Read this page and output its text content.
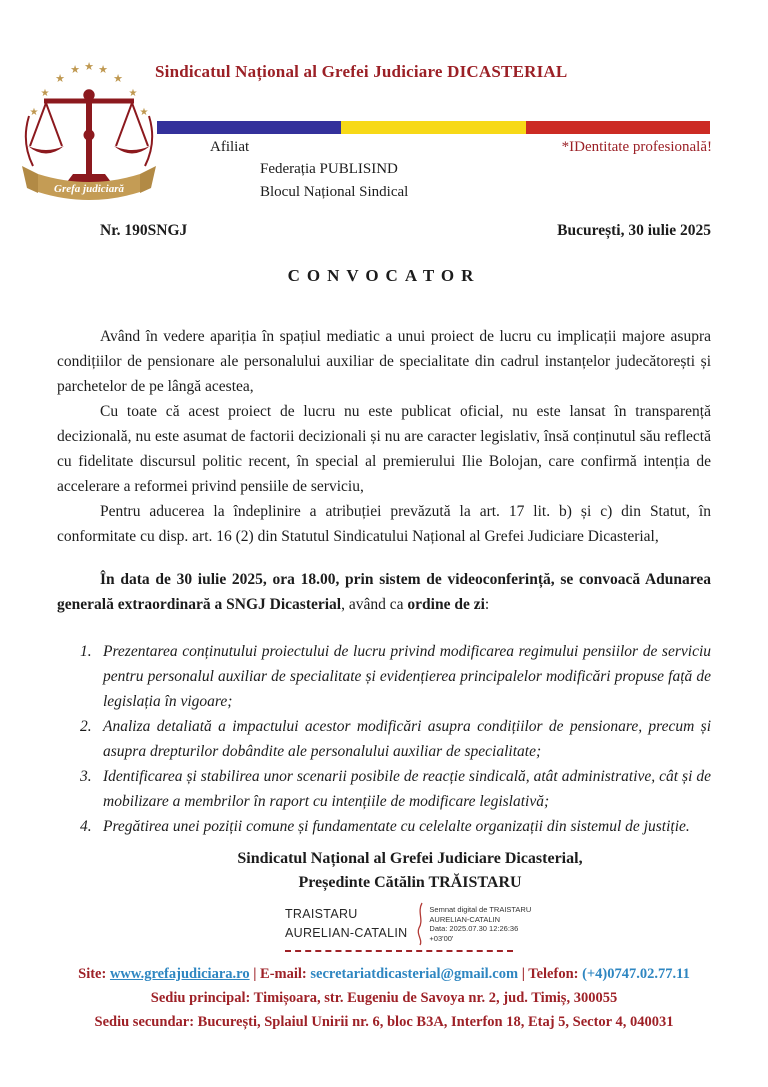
★
★
★
★ ★ ★
★
★
★
Grefa judiciară
Sindicatul Național al Grefei Judiciare DICASTERIAL
Afiliat	*IDentitate profesională!
Federația PUBLISIND
Blocul Național Sindical
Nr. 190SNGJ	București, 30 iulie 2025
CONVOCATOR

Având în vedere apariția în spațiul mediatic a unui proiect de lucru cu implicații majore asupra condițiilor de pensionare ale personalului auxiliar de specialitate din cadrul instanțelor judecătorești și parchetelor de pe lângă acestea,

Cu toate că acest proiect de lucru nu este publicat oficial, nu este lansat în transparență decizională, nu este asumat de factorii decizionali și nu are caracter legislativ, însă conținutul său reflectă cu fidelitate discursul politic recent, în special al premierului Ilie Bolojan, care confirmă intenția de accelerare a reformei privind pensiile de serviciu,

Pentru aducerea la îndeplinire a atribuției prevăzută la art. 17 lit. b) și c) din Statut, în conformitate cu disp. art. 16 (2) din Statutul Sindicatului Național al Grefei Judiciare Dicasterial,

În data de 30 iulie 2025, ora 18.00, prin sistem de videoconferință, se convoacă Adunarea generală extraordinară a SNGJ Dicasterial, având ca ordine de zi:

1. Prezentarea conținutului proiectului de lucru privind modificarea regimului pensiilor de serviciu pentru personalul auxiliar de specialitate și evidențierea principalelor modificări propuse față de legislația în vigoare;
2. Analiza detaliată a impactului acestor modificări asupra condițiilor de pensionare, precum și asupra drepturilor dobândite ale personalului auxiliar de specialitate;
3. Identificarea și stabilirea unor scenarii posibile de reacție sindicală, atât administrative, cât și de mobilizare a membrilor în raport cu intențiile de modificare legislativă;
4. Pregătirea unei poziții comune și fundamentate cu celelalte organizații din sistemul de justiție.
Sindicatul Național al Grefei Judiciare Dicasterial,
Președinte Cătălin TRĂISTARU
TRAISTARU
AURELIAN-CATALIN
Semnat digital de TRAISTARU
AURELIAN-CATALIN
Data: 2025.07.30 12:26:36
+03'00'
Site: www.grefajudiciara.ro | E-mail: secretariatdicasterial@gmail.com | Telefon: (+4)0747.02.77.11
Sediu principal: Timișoara, str. Eugeniu de Savoya nr. 2, jud. Timiș, 300055
Sediu secundar: București, Splaiul Unirii nr. 6, bloc B3A, Interfon 18, Etaj 5, Sector 4, 040031
